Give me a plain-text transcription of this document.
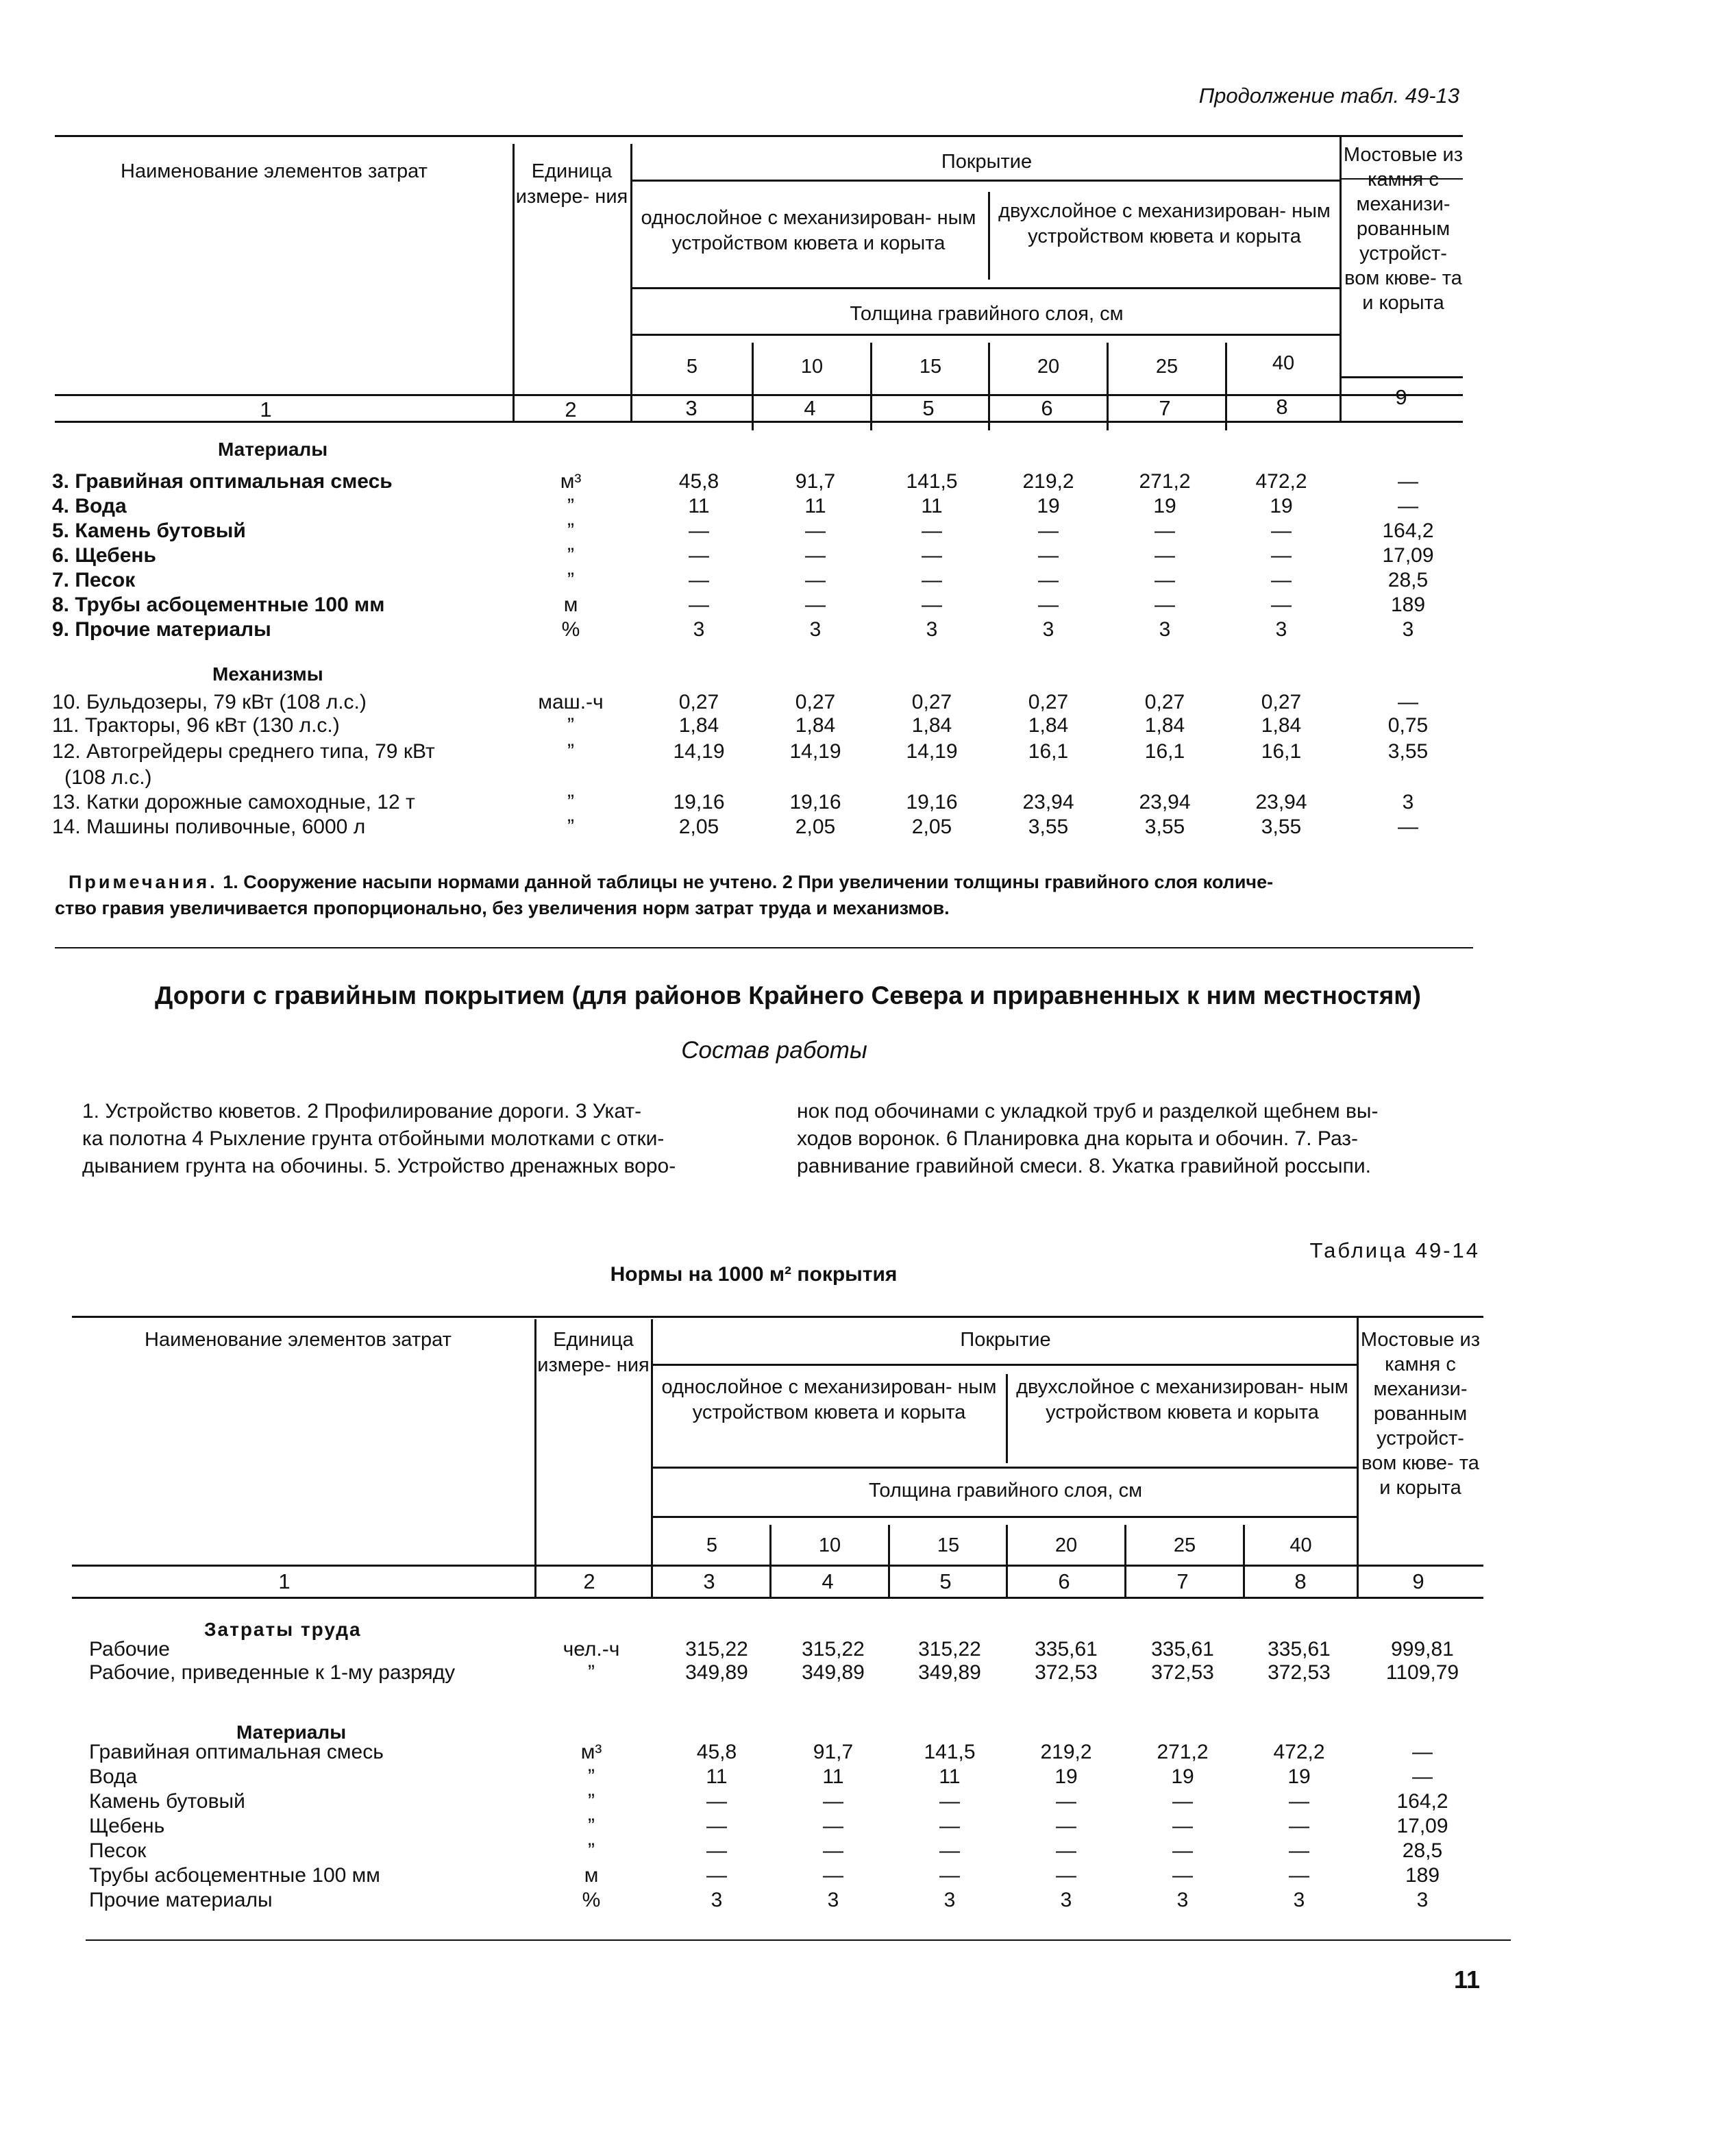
Продолжение табл. 49-13
Наименование элементов затрат	Единица измере- ния
Покрытие
однослойное с механизирован- ным устройством кювета и корыта
двухслойное с механизирован- ным устройством кювета и корыта
Мостовые из камня с механизи- рованным устройст- вом кюве- та и корыта
Толщина гравийного слоя, см
5	10	15	20	25	40
1	2	3	4	5	6	7	8	9
Материалы
3. Гравийная оптимальная смесь	м³	45,8	91,7	141,5	219,2	271,2	472,2	—
4. Вода	”	11	11	11	19	19	19	—
5. Камень бутовый	”	—	—	—	—	—	—	164,2
6. Щебень	”	—	—	—	—	—	—	17,09
7. Песок	”	—	—	—	—	—	—	28,5
8. Трубы асбоцементные 100 мм	м	—	—	—	—	—	—	189
9. Прочие материалы	%	3	3	3	3	3	3	3
Механизмы
10. Бульдозеры, 79 кВт (108 л.с.)	маш.-ч	0,27	0,27	0,27	0,27	0,27	0,27	—
11. Тракторы, 96 кВт (130 л.с.)	”	1,84	1,84	1,84	1,84	1,84	1,84	0,75
12. Автогрейдеры среднего типа, 79 кВт
(108 л.с.)
”	14,19	14,19	14,19	16,1	16,1	16,1	3,55
13. Катки дорожные самоходные, 12 т	”	19,16	19,16	19,16	23,94	23,94	23,94	3
14. Машины поливочные, 6000 л	”	2,05	2,05	2,05	3,55	3,55	3,55	—
Примечания. 1. Сооружение насыпи нормами данной таблицы не учтено. 2 При увеличении толщины гравийного слоя количе-
ство гравия увеличивается пропорционально, без увеличения норм затрат труда и механизмов.
Дороги с гравийным покрытием (для районов Крайнего Севера и приравненных к ним местностям)
Состав работы
1. Устройство кюветов. 2 Профилирование дороги. 3 Укат-
ка полотна 4 Рыхление грунта отбойными молотками с отки-
дыванием грунта на обочины. 5. Устройство дренажных воро-
нок под обочинами с укладкой труб и разделкой щебнем вы-
ходов воронок. 6 Планировка дна корыта и обочин. 7. Раз-
равнивание гравийной смеси. 8. Укатка гравийной россыпи.
Таблица 49-14
Нормы на 1000 м² покрытия
Наименование элементов затрат	Единица измере- ния
Покрытие
однослойное с механизирован- ным устройством кювета и корыта
двухслойное с механизирован- ным устройством кювета и корыта
Мостовые из камня с механизи- рованным устройст- вом кюве- та и корыта
Толщина гравийного слоя, см
5	10	15	20	25	40
1	2	3	4	5	6	7	8	9
Затраты труда
Рабочие	чел.-ч	315,22	315,22	315,22	335,61	335,61	335,61	999,81
Рабочие, приведенные к 1-му разряду	”	349,89	349,89	349,89	372,53	372,53	372,53	1109,79
Материалы
Гравийная оптимальная смесь	м³	45,8	91,7	141,5	219,2	271,2	472,2	—
Вода	”	11	11	11	19	19	19	—
Камень бутовый	”	—	—	—	—	—	—	164,2
Щебень	”	—	—	—	—	—	—	17,09
Песок	”	—	—	—	—	—	—	28,5
Трубы асбоцементные 100 мм	м	—	—	—	—	—	—	189
Прочие материалы	%	3	3	3	3	3	3	3
11
